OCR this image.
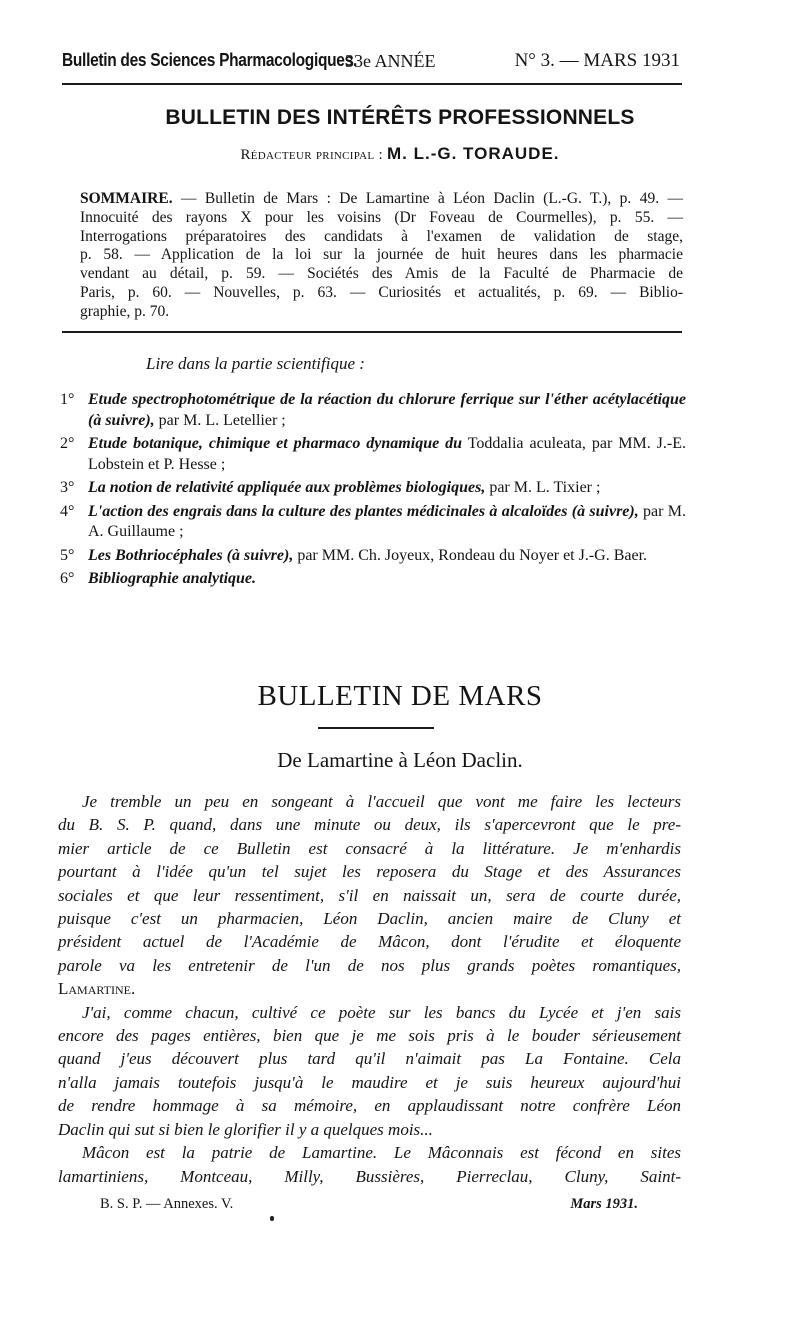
Bulletin des Sciences Pharmacologiques.
33e ANNÉE	N° 3. — MARS 1931
BULLETIN DES INTÉRÊTS PROFESSIONNELS
Rédacteur principal : M. L.-G. TORAUDE.
SOMMAIRE. — Bulletin de Mars : De Lamartine à Léon Daclin (L.-G. T.), p. 49. —
Innocuité des rayons X pour les voisins (Dr Foveau de Courmelles), p. 55. —
Interrogations préparatoires des candidats à l'examen de validation de stage,
p. 58. — Application de la loi sur la journée de huit heures dans les pharmacie
vendant au détail, p. 59. — Sociétés des Amis de la Faculté de Pharmacie de
Paris, p. 60. — Nouvelles, p. 63. — Curiosités et actualités, p. 69. — Biblio-
graphie, p. 70.
Lire dans la partie scientifique :
1° Etude spectrophotométrique de la réaction du chlorure ferrique sur l'éther acétylacétique (à suivre), par M. L. Letellier ;
2° Etude botanique, chimique et pharmaco dynamique du Toddalia aculeata, par MM. J.-E. Lobstein et P. Hesse ;
3° La notion de relativité appliquée aux problèmes biologiques, par M. L. Tixier ;
4° L'action des engrais dans la culture des plantes médicinales à alcaloïdes (à suivre), par M. A. Guillaume ;
5° Les Bothriocéphales (à suivre), par MM. Ch. Joyeux, Rondeau du Noyer et J.-G. Baer.
6° Bibliographie analytique.
BULLETIN DE MARS
De Lamartine à Léon Daclin.
Je tremble un peu en songeant à l'accueil que vont me faire les lecteurs
du B. S. P. quand, dans une minute ou deux, ils s'apercevront que le pre-
mier article de ce Bulletin est consacré à la littérature. Je m'enhardis
pourtant à l'idée qu'un tel sujet les reposera du Stage et des Assurances
sociales et que leur ressentiment, s'il en naissait un, sera de courte durée,
puisque c'est un pharmacien, Léon Daclin, ancien maire de Cluny et
président actuel de l'Académie de Mâcon, dont l'érudite et éloquente
parole va les entretenir de l'un de nos plus grands poètes romantiques,
Lamartine.
J'ai, comme chacun, cultivé ce poète sur les bancs du Lycée et j'en sais
encore des pages entières, bien que je me sois pris à le bouder sérieusement
quand j'eus découvert plus tard qu'il n'aimait pas La Fontaine. Cela
n'alla jamais toutefois jusqu'à le maudire et je suis heureux aujourd'hui
de rendre hommage à sa mémoire, en applaudissant notre confrère Léon
Daclin qui sut si bien le glorifier il y a quelques mois...
Mâcon est la patrie de Lamartine. Le Mâconnais est fécond en sites
lamartiniens, Montceau, Milly, Bussières, Pierreclau, Cluny, Saint-
B. S. P. — Annexes. V.	Mars 1931.
